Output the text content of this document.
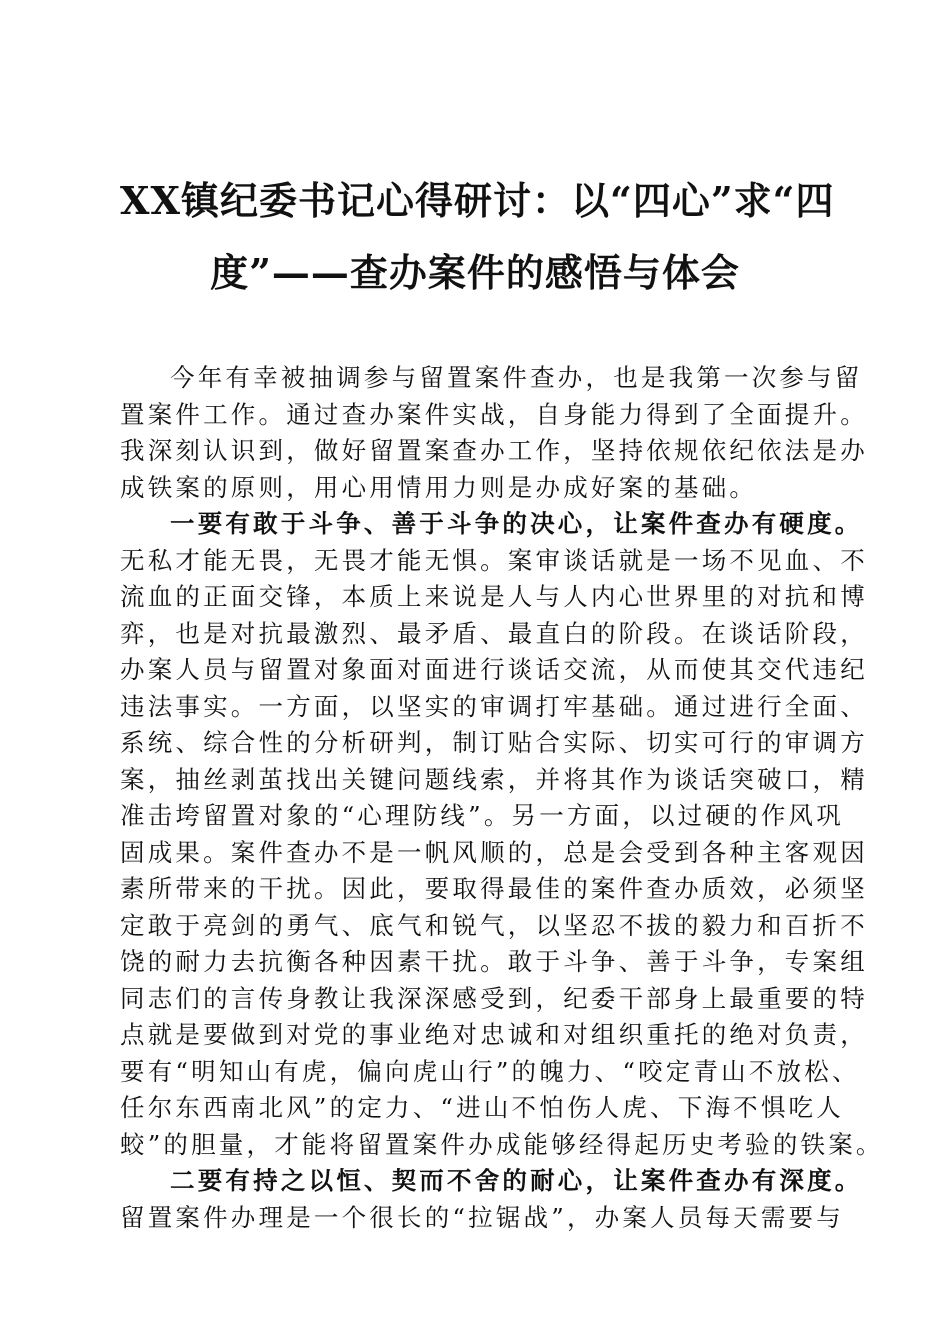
XX镇纪委书记心得研讨：以“四心”求“四
度”——查办案件的感悟与体会
今年有幸被抽调参与留置案件查办，也是我第一次参与留
置案件工作。通过查办案件实战，自身能力得到了全面提升。
我深刻认识到，做好留置案查办工作，坚持依规依纪依法是办
成铁案的原则，用心用情用力则是办成好案的基础。
一要有敢于斗争、善于斗争的决心，让案件查办有硬度。
无私才能无畏，无畏才能无惧。案审谈话就是一场不见血、不
流血的正面交锋，本质上来说是人与人内心世界里的对抗和博
弈，也是对抗最激烈、最矛盾、最直白的阶段。在谈话阶段，
办案人员与留置对象面对面进行谈话交流，从而使其交代违纪
违法事实。一方面，以坚实的审调打牢基础。通过进行全面、
系统、综合性的分析研判，制订贴合实际、切实可行的审调方
案，抽丝剥茧找出关键问题线索，并将其作为谈话突破口，精
准击垮留置对象的“心理防线”。另一方面，以过硬的作风巩
固成果。案件查办不是一帆风顺的，总是会受到各种主客观因
素所带来的干扰。因此，要取得最佳的案件查办质效，必须坚
定敢于亮剑的勇气、底气和锐气，以坚忍不拔的毅力和百折不
饶的耐力去抗衡各种因素干扰。敢于斗争、善于斗争，专案组
同志们的言传身教让我深深感受到，纪委干部身上最重要的特
点就是要做到对党的事业绝对忠诚和对组织重托的绝对负责，
要有“明知山有虎，偏向虎山行”的魄力、“咬定青山不放松、
任尔东西南北风”的定力、“进山不怕伤人虎、下海不惧吃人
蛟”的胆量，才能将留置案件办成能够经得起历史考验的铁案。
二要有持之以恒、契而不舍的耐心，让案件查办有深度。
留置案件办理是一个很长的“拉锯战”，办案人员每天需要与
